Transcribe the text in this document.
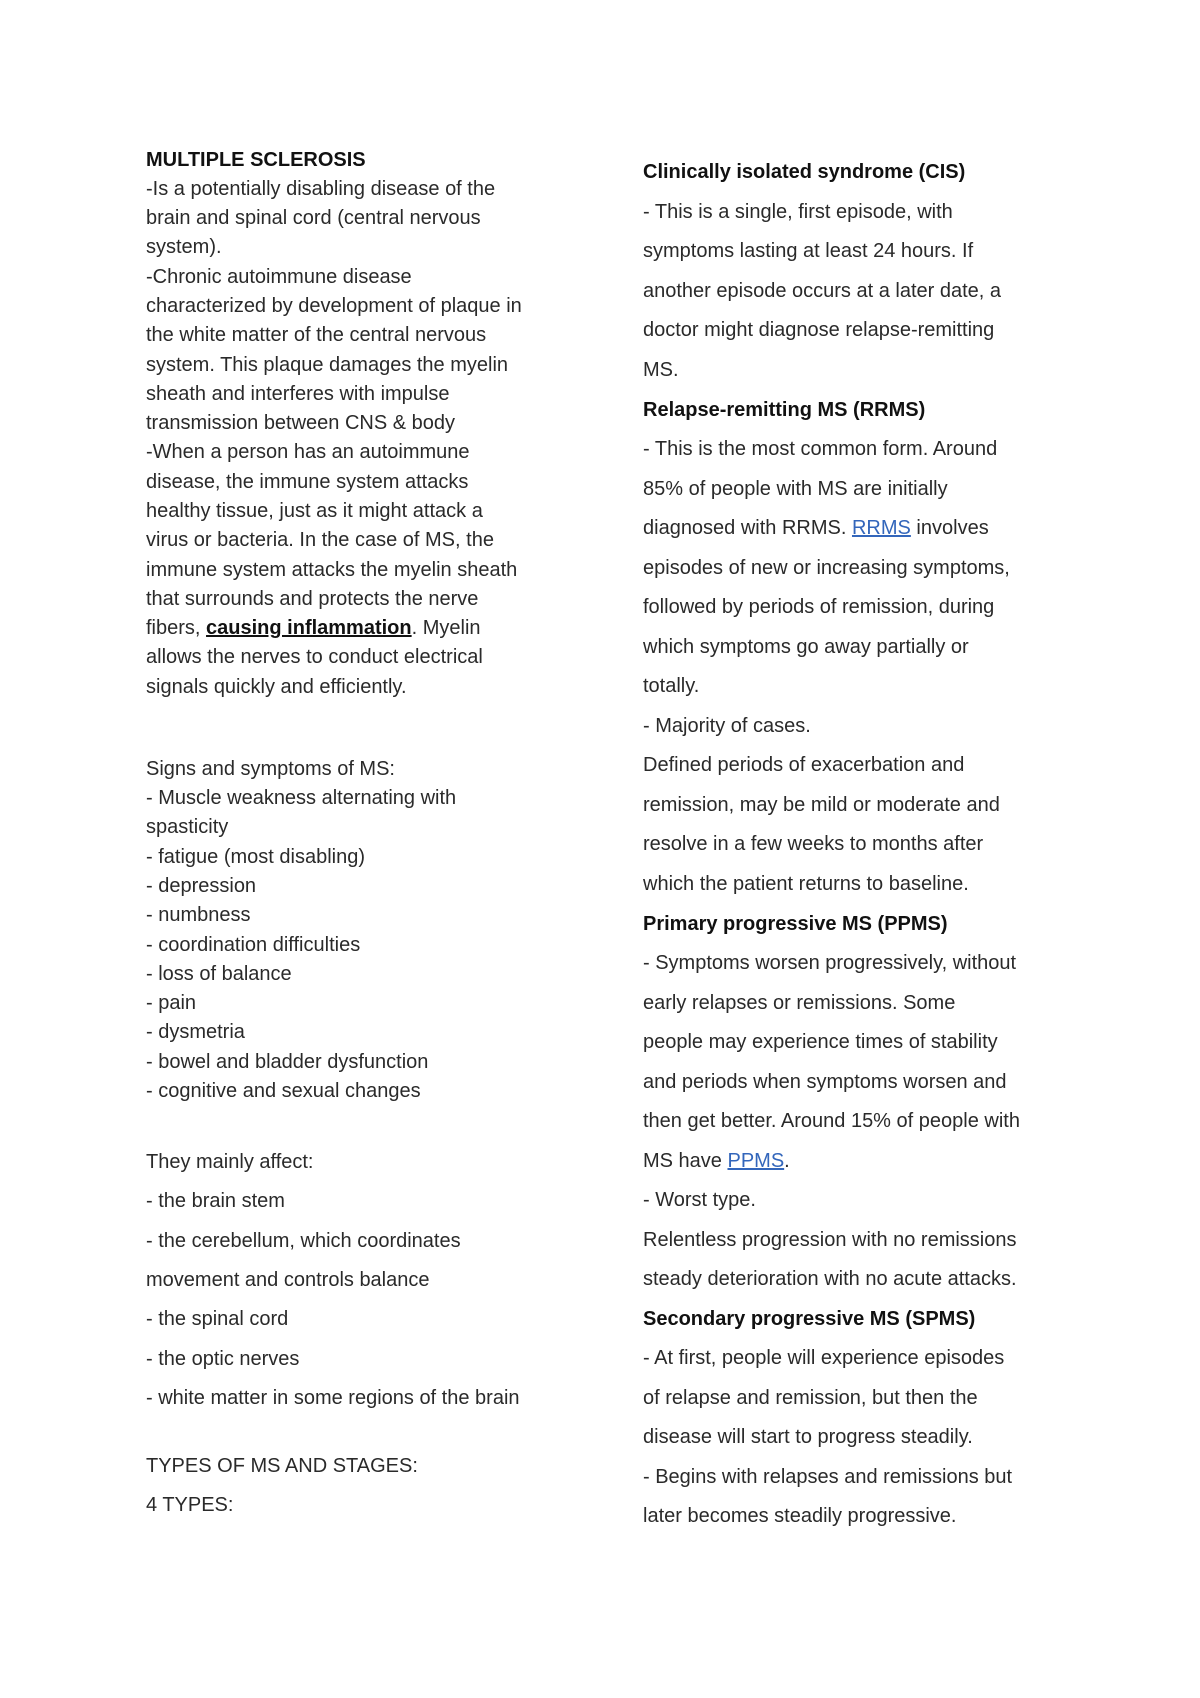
MULTIPLE SCLEROSIS

-Is a potentially disabling disease of the

brain and spinal cord (central nervous

system).

-Chronic autoimmune disease

characterized by development of plaque in

the white matter of the central nervous

system. This plaque damages the myelin

sheath and interferes with impulse

transmission between CNS & body

-When a person has an autoimmune

disease, the immune system attacks

healthy tissue, just as it might attack a

virus or bacteria. In the case of MS, the

immune system attacks the myelin sheath

that surrounds and protects the nerve

fibers, causing inflammation. Myelin

allows the nerves to conduct electrical

signals quickly and efficiently.

Signs and symptoms of MS:

- Muscle weakness alternating with

spasticity

- fatigue (most disabling)

- depression

- numbness

- coordination difficulties

- loss of balance

- pain

- dysmetria

- bowel and bladder dysfunction

- cognitive and sexual changes

They mainly affect:

- the brain stem

- the cerebellum, which coordinates

movement and controls balance

- the spinal cord

- the optic nerves

- white matter in some regions of the brain

TYPES OF MS AND STAGES:

4 TYPES:

Clinically isolated syndrome (CIS)

- This is a single, first episode, with

symptoms lasting at least 24 hours. If

another episode occurs at a later date, a

doctor might diagnose relapse-remitting

MS.

Relapse-remitting MS (RRMS)

- This is the most common form. Around

85% of people with MS are initially

diagnosed with RRMS. RRMS involves

episodes of new or increasing symptoms,

followed by periods of remission, during

which symptoms go away partially or

totally.

- Majority of cases.

Defined periods of exacerbation and

remission, may be mild or moderate and

resolve in a few weeks to months after

which the patient returns to baseline.

Primary progressive MS (PPMS)

- Symptoms worsen progressively, without

early relapses or remissions. Some

people may experience times of stability

and periods when symptoms worsen and

then get better. Around 15% of people with

MS have PPMS.

- Worst type.

Relentless progression with no remissions

steady deterioration with no acute attacks.

Secondary progressive MS (SPMS)

- At first, people will experience episodes

of relapse and remission, but then the

disease will start to progress steadily.

- Begins with relapses and remissions but

later becomes steadily progressive.
